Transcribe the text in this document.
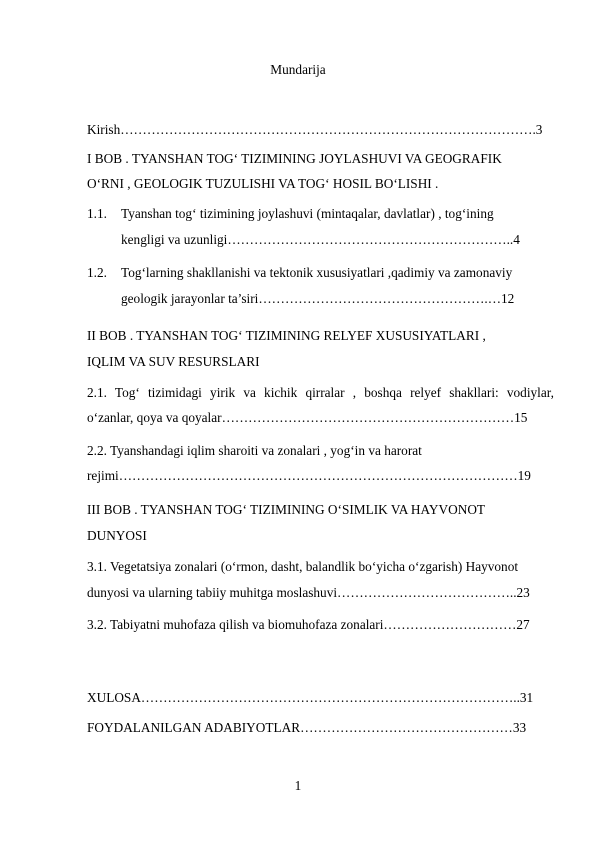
Mundarija
Kirish………………………………………………………………………………….3
I BOB . TYANSHAN TOG‘ TIZIMINING JOYLASHUVI VA GEOGRAFIK
O‘RNI , GEOLOGIK TUZULISHI VA TOG‘ HOSIL BO‘LISHI .
1.1. Tyanshan tog‘ tizimining joylashuvi (mintaqalar, davlatlar) , tog‘ining
kengligi va uzunligi………………………………………………………..4
1.2. Tog‘larning shakllanishi va tektonik xususiyatlari ,qadimiy va zamonaviy
geologik jarayonlar ta’siri…………………………………………….…12
II BOB . TYANSHAN TOG‘ TIZIMINING RELYEF XUSUSIYATLARI ,
IQLIM VA SUV RESURSLARI
2.1. Tog‘ tizimidagi yirik va kichik qirralar , boshqa relyef shakllari: vodiylar,
o‘zanlar, qoya va qoyalar…………………………………………………………15
2.2. Tyanshandagi iqlim sharoiti va zonalari , yog‘in va harorat
rejimi………………………………………………………………………………19
III BOB . TYANSHAN TOG‘ TIZIMINING O‘SIMLIK VA HAYVONOT
DUNYOSI
3.1. Vegetatsiya zonalari (o‘rmon, dasht, balandlik bo‘yicha o‘zgarish) Hayvonot
dunyosi va ularning tabiiy muhitga moslashuvi…………………………………..23
3.2. Tabiyatni muhofaza qilish va biomuhofaza zonalari…………………………27
XULOSA…………………………………………………………………………..31
FOYDALANILGAN ADABIYOTLAR…………………………………………33
1
